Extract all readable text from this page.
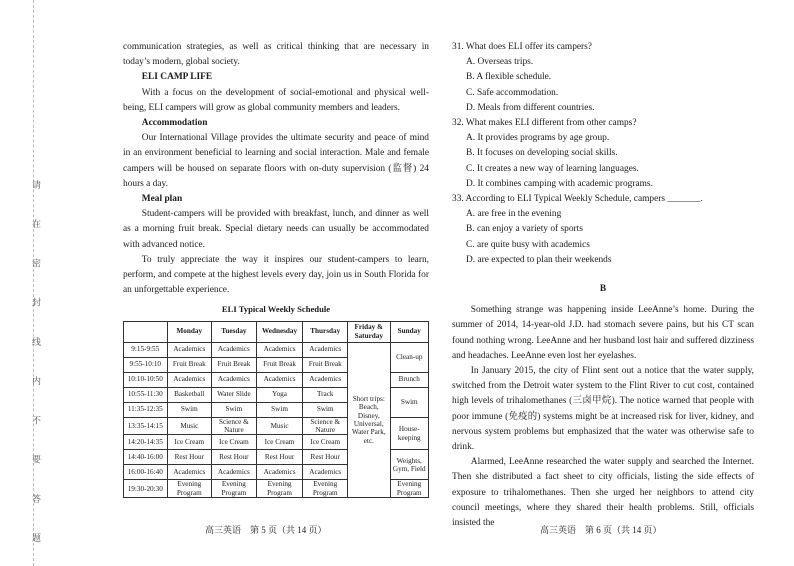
请 在 密 封 线 内 不 要 答 题

communication strategies, as well as critical thinking that are necessary in today’s modern, global society.

ELI CAMP LIFE

With a focus on the development of social-emotional and physical well-being, ELI campers will grow as global community members and leaders.

Accommodation

Our International Village provides the ultimate security and peace of mind in an environment beneficial to learning and social interaction. Male and female campers will be housed on separate floors with on-duty supervision (监督) 24 hours a day.

Meal plan

Student-campers will be provided with breakfast, lunch, and dinner as well as a morning fruit break. Special dietary needs can usually be accommodated with advanced notice.

To truly appreciate the way it inspires our student-campers to learn, perform, and compete at the highest levels every day, join us in South Florida for an unforgettable experience.

ELI Typical Weekly Schedule
	Monday	Tuesday	Wednesday	Thursday	Friday & Saturday	Sunday
9:15-9:55	Academics	Academics	Academics	Academics	Short trips: Beach, Disney, Universal, Water Park, etc.	Clean-up
9:55-10:10	Fruit Break	Fruit Break	Fruit Break	Fruit Break		
10:10-10:50	Academics	Academics	Academics	Academics		Brunch
10:55-11:30	Basketball	Water Slide	Yoga	Track		Swim
11:35-12:35	Swim	Swim	Swim	Swim		
13:35-14:15	Music	Science & Nature	Music	Science & Nature		House-keeping
14:20-14:35	Ice Cream	Ice Cream	Ice Cream	Ice Cream		
14:40-16:00	Rest Hour	Rest Hour	Rest Hour	Rest Hour		Weights, Gym, Field
16:00-16:40	Academics	Academics	Academics	Academics		
19:30-20:30	Evening Program	Evening Program	Evening Program	Evening Program		Evening Program

31. What does ELI offer its campers?

A. Overseas trips.

B. A flexible schedule.

C. Safe accommodation.

D. Meals from different countries.

32. What makes ELI different from other camps?

A. It provides programs by age group.

B. It focuses on developing social skills.

C. It creates a new way of learning languages.

D. It combines camping with academic programs.

33. According to ELI Typical Weekly Schedule, campers _______.

A. are free in the evening

B. can enjoy a variety of sports

C. are quite busy with academics

D. are expected to plan their weekends

B

Something strange was happening inside LeeAnne’s home. During the summer of 2014, 14-year-old J.D. had stomach severe pains, but his CT scan found nothing wrong. LeeAnne and her husband lost hair and suffered dizziness and headaches. LeeAnne even lost her eyelashes.

In January 2015, the city of Flint sent out a notice that the water supply, switched from the Detroit water system to the Flint River to cut cost, contained high levels of trihalomethanes (三卤甲烷). The notice warned that people with poor immune (免疫的) systems might be at increased risk for liver, kidney, and nervous system problems but emphasized that the water was otherwise safe to drink.

Alarmed, LeeAnne researched the water supply and searched the Internet. Then she distributed a fact sheet to city officials, listing the side effects of exposure to trihalomethanes. Then she urged her neighbors to attend city council meetings, where they shared their health problems. Still, officials insisted the

高三英语　第 5 页（共 14 页）	高三英语　第 6 页（共 14 页）
